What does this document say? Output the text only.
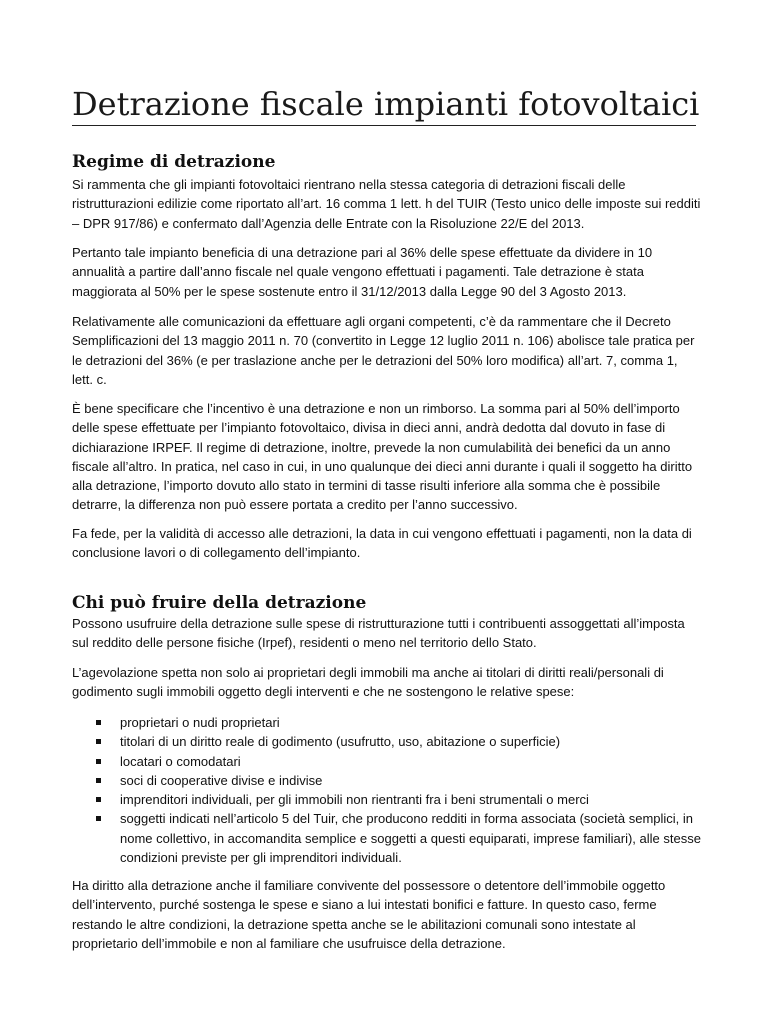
Detrazione fiscale impianti fotovoltaici
Regime di detrazione

Si rammenta che gli impianti fotovoltaici rientrano nella stessa categoria di detrazioni fiscali delle ristrutturazioni edilizie come riportato all’art. 16 comma 1 lett. h del TUIR (Testo unico delle imposte sui redditi – DPR 917/86) e confermato dall’Agenzia delle Entrate con la Risoluzione 22/E del 2013.

Pertanto tale impianto beneficia di una detrazione pari al 36% delle spese effettuate da dividere in 10 annualità a partire dall’anno fiscale nel quale vengono effettuati i pagamenti. Tale detrazione è stata maggiorata al 50% per le spese sostenute entro il 31/12/2013 dalla Legge 90 del 3 Agosto 2013.

Relativamente alle comunicazioni da effettuare agli organi competenti, c’è da rammentare che il Decreto Semplificazioni del 13 maggio 2011 n. 70 (convertito in Legge 12 luglio 2011 n. 106) abolisce tale pratica per le detrazioni del 36% (e per traslazione anche per le detrazioni del 50% loro modifica) all’art. 7, comma 1, lett. c.

È bene specificare che l’incentivo è una detrazione e non un rimborso. La somma pari al 50% dell’importo delle spese effettuate per l’impianto fotovoltaico, divisa in dieci anni, andrà dedotta dal dovuto in fase di dichiarazione IRPEF. Il regime di detrazione, inoltre, prevede la non cumulabilità dei benefici da un anno fiscale all’altro. In pratica, nel caso in cui, in uno qualunque dei dieci anni durante i quali il soggetto ha diritto alla detrazione, l’importo dovuto allo stato in termini di tasse risulti inferiore alla somma che è possibile detrarre, la differenza non può essere portata a credito per l’anno successivo.

Fa fede, per la validità di accesso alle detrazioni, la data in cui vengono effettuati i pagamenti, non la data di conclusione lavori o di collegamento dell’impianto.

Chi può fruire della detrazione

Possono usufruire della detrazione sulle spese di ristrutturazione tutti i contribuenti assoggettati all’imposta sul reddito delle persone fisiche (Irpef), residenti o meno nel territorio dello Stato.

L’agevolazione spetta non solo ai proprietari degli immobili ma anche ai titolari di diritti reali/personali di godimento sugli immobili oggetto degli interventi e che ne sostengono le relative spese:

proprietari o nudi proprietari
titolari di un diritto reale di godimento (usufrutto, uso, abitazione o superficie)
locatari o comodatari
soci di cooperative divise e indivise
imprenditori individuali, per gli immobili non rientranti fra i beni strumentali o merci
soggetti indicati nell’articolo 5 del Tuir, che producono redditi in forma associata (società semplici, in nome collettivo, in accomandita semplice e soggetti a questi equiparati, imprese familiari), alle stesse condizioni previste per gli imprenditori individuali.

Ha diritto alla detrazione anche il familiare convivente del possessore o detentore dell’immobile oggetto dell’intervento, purché sostenga le spese e siano a lui intestati bonifici e fatture. In questo caso, ferme restando le altre condizioni, la detrazione spetta anche se le abilitazioni comunali sono intestate al proprietario dell’immobile e non al familiare che usufruisce della detrazione.
